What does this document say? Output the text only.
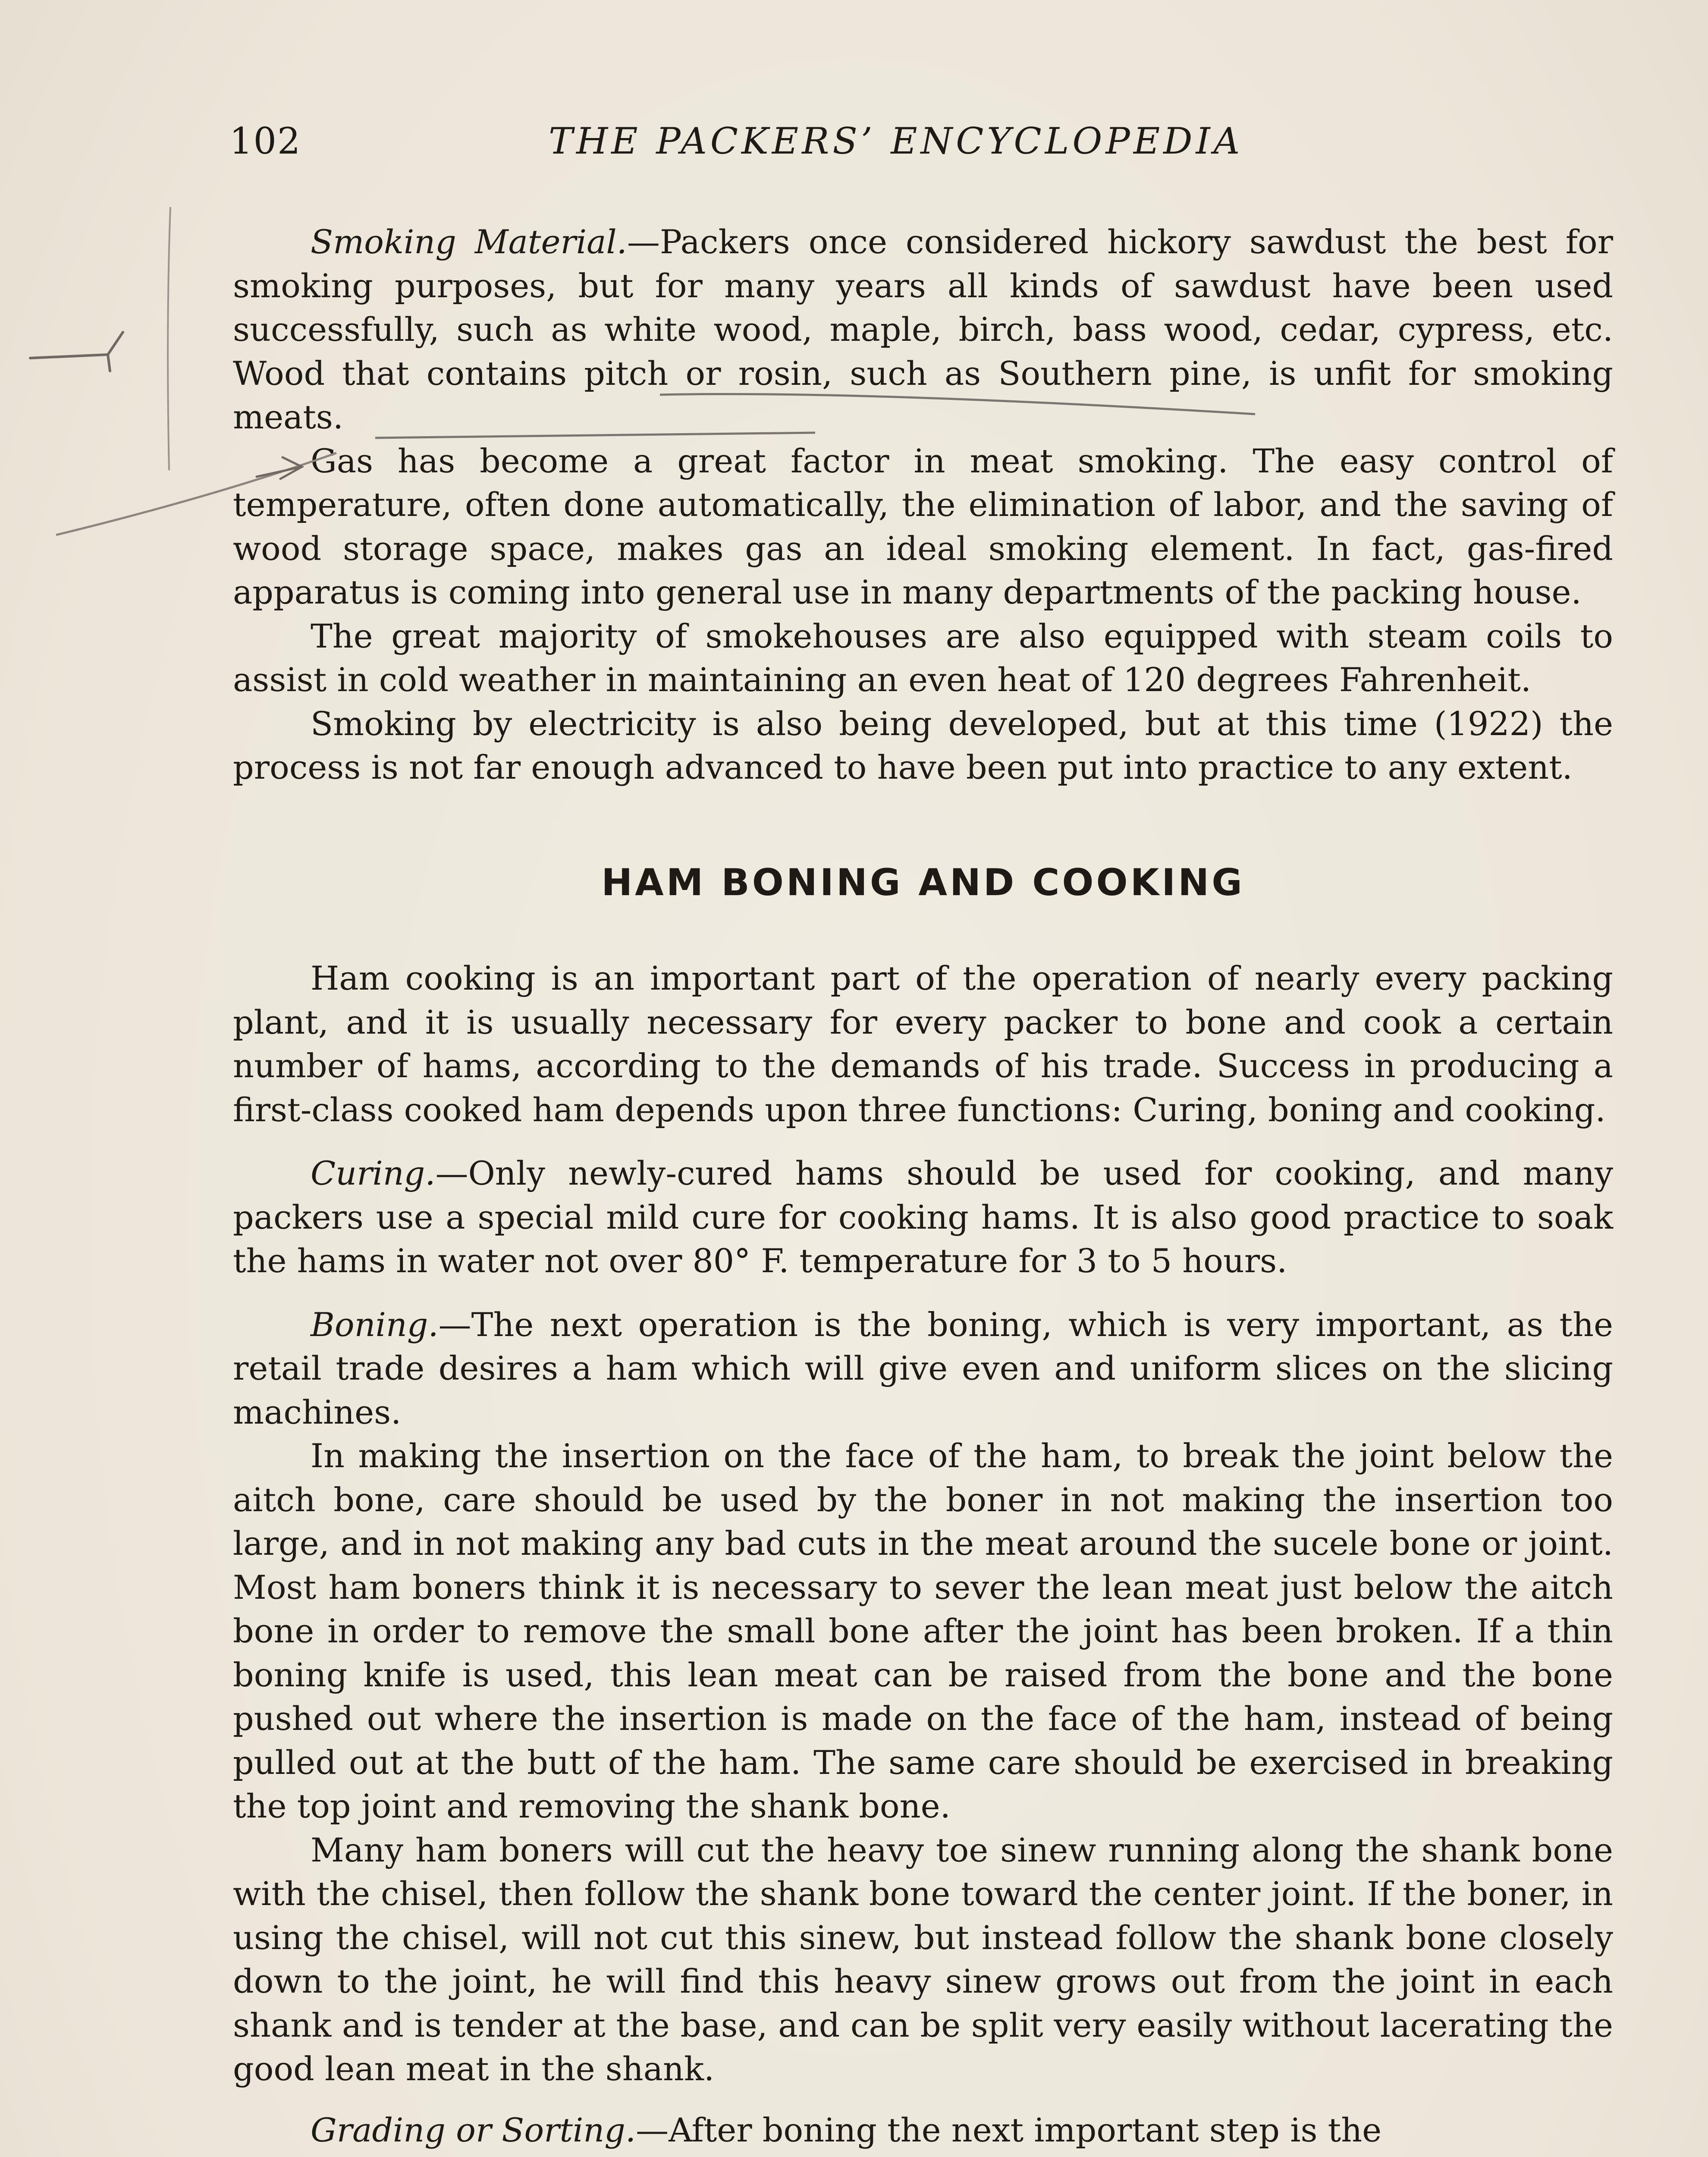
102	THE PACKERS’ ENCYCLOPEDIA

Smoking Material.—Packers once considered hickory sawdust the best for smoking purposes, but for many years all kinds of sawdust have been used successfully, such as white wood, maple, birch, bass wood, cedar, cypress, etc. Wood that contains pitch or rosin, such as Southern pine, is unfit for smoking meats.

Gas has become a great factor in meat smoking. The easy control of temperature, often done automatically, the elimination of labor, and the saving of wood storage space, makes gas an ideal smoking element. In fact, gas-fired apparatus is coming into general use in many departments of the packing house.

The great majority of smokehouses are also equipped with steam coils to assist in cold weather in maintaining an even heat of 120 degrees Fahrenheit.

Smoking by electricity is also being developed, but at this time (1922) the process is not far enough advanced to have been put into practice to any extent.

HAM BONING AND COOKING

Ham cooking is an important part of the operation of nearly every packing plant, and it is usually necessary for every packer to bone and cook a certain number of hams, according to the demands of his trade. Success in producing a first-class cooked ham depends upon three functions: Curing, boning and cooking.

Curing.—Only newly-cured hams should be used for cooking, and many packers use a special mild cure for cooking hams. It is also good practice to soak the hams in water not over 80° F. temperature for 3 to 5 hours.

Boning.—The next operation is the boning, which is very important, as the retail trade desires a ham which will give even and uniform slices on the slicing machines.

In making the insertion on the face of the ham, to break the joint below the aitch bone, care should be used by the boner in not making the insertion too large, and in not making any bad cuts in the meat around the sucele bone or joint. Most ham boners think it is necessary to sever the lean meat just below the aitch bone in order to remove the small bone after the joint has been broken. If a thin boning knife is used, this lean meat can be raised from the bone and the bone pushed out where the insertion is made on the face of the ham, instead of being pulled out at the butt of the ham. The same care should be exercised in breaking the top joint and removing the shank bone.

Many ham boners will cut the heavy toe sinew running along the shank bone with the chisel, then follow the shank bone toward the center joint. If the boner, in using the chisel, will not cut this sinew, but instead follow the shank bone closely down to the joint, he will find this heavy sinew grows out from the joint in each shank and is tender at the base, and can be split very easily without lacerating the good lean meat in the shank.

Grading or Sorting.—After boning the next important step is the
